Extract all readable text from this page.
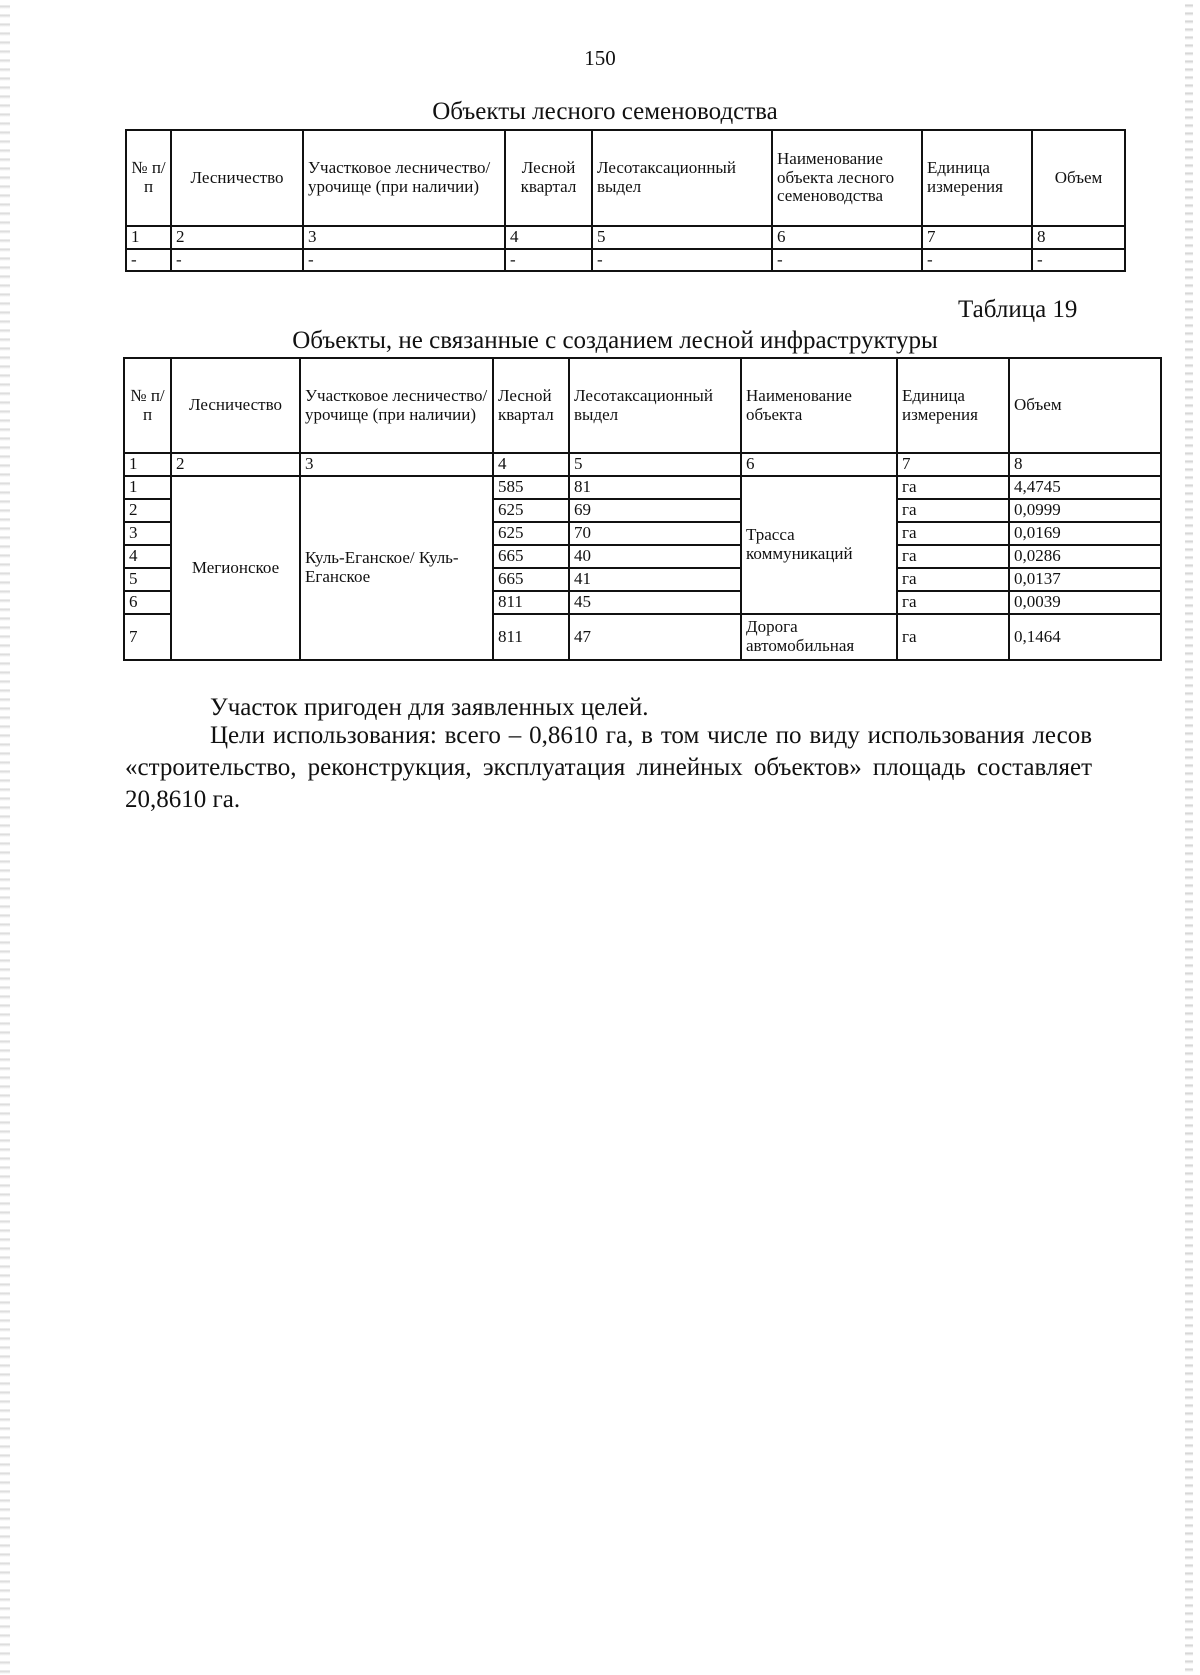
150
Объекты лесного семеноводства
№ п/п	Лесничество	Участковое лесничество/урочище (при наличии)	Лесной квартал	Лесотаксационный выдел	Наименование объекта лесного семеноводства	Единица измерения	Объем
1	2	3	4	5	6	7	8
-	-	-	-	-	-	-	-
Таблица 19
Объекты, не связанные с созданием лесной инфраструктуры
№ п/п	Лесничество	Участковое лесничество/урочище (при наличии)	Лесной квартал	Лесотаксационный выдел	Наименование объекта	Единица измерения	Объем
1	2	3	4	5	6	7	8
1	Мегионское	Куль-Еганское/ Куль-Еганское	585	81	Трасса коммуникаций	га	4,4745
2			625	69		га	0,0999
3			625	70		га	0,0169
4			665	40		га	0,0286
5			665	41		га	0,0137
6			811	45		га	0,0039
7			811	47	Дорога автомобильная	га	0,1464
Участок пригоден для заявленных целей.
Цели использования: всего – 0,8610 га, в том числе по виду использования лесов «строительство, реконструкция, эксплуатация линейных объектов» площадь составляет 20,8610 га.
